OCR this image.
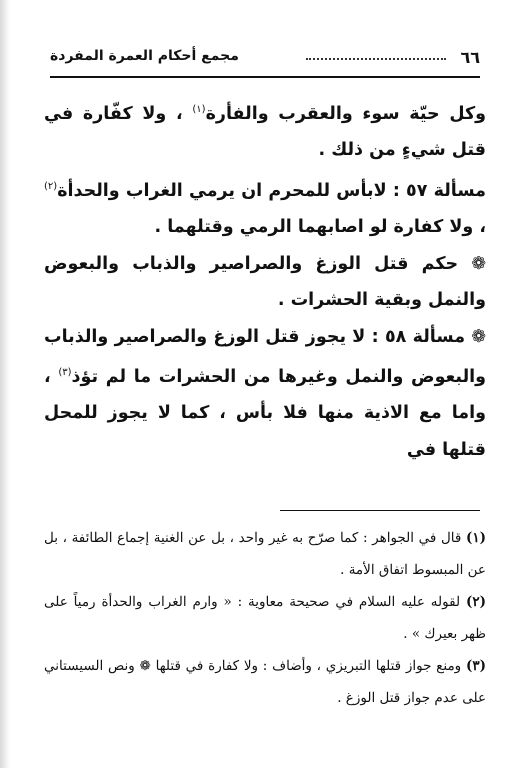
٦٦
مجمع أحكام العمرة المفردة

وكل حيّة سوء والعقرب والفأرة$^{(١)}$ ، ولا كفّارة في قتل شيءٍ من ذلك .

مسألة ٥٧ : لابأس للمحرم ان يرمي الغراب والحدأة$^{(٢)}$ ، ولا كفارة لو اصابهما الرمي وقتلهما .

❁ حكم قتل الوزغ والصراصير والذباب والبعوض والنمل وبقية الحشرات .

❁ مسألة ٥٨ : لا يجوز قتل الوزغ والصراصير والذباب والبعوض والنمل وغيرها من الحشرات ما لم تؤذ$^{(٣)}$ ، واما مع الاذية منها فلا بأس ، كما لا يجوز للمحل قتلها في

(١) قال في الجواهر : كما صرّح به غير واحد ، بل عن الغنية إجماع الطائفة ، بل عن المبسوط اتفاق الأمة .

(٢) لقوله عليه السلام في صحيحة معاوية : « وارم الغراب والحدأة رمياً على ظهر بعيرك » .

(٣) ومنع جواز قتلها التبريزي ، وأضاف : ولا كفارة في قتلها ❁ ونص السيستاني على عدم جواز قتل الوزغ .
